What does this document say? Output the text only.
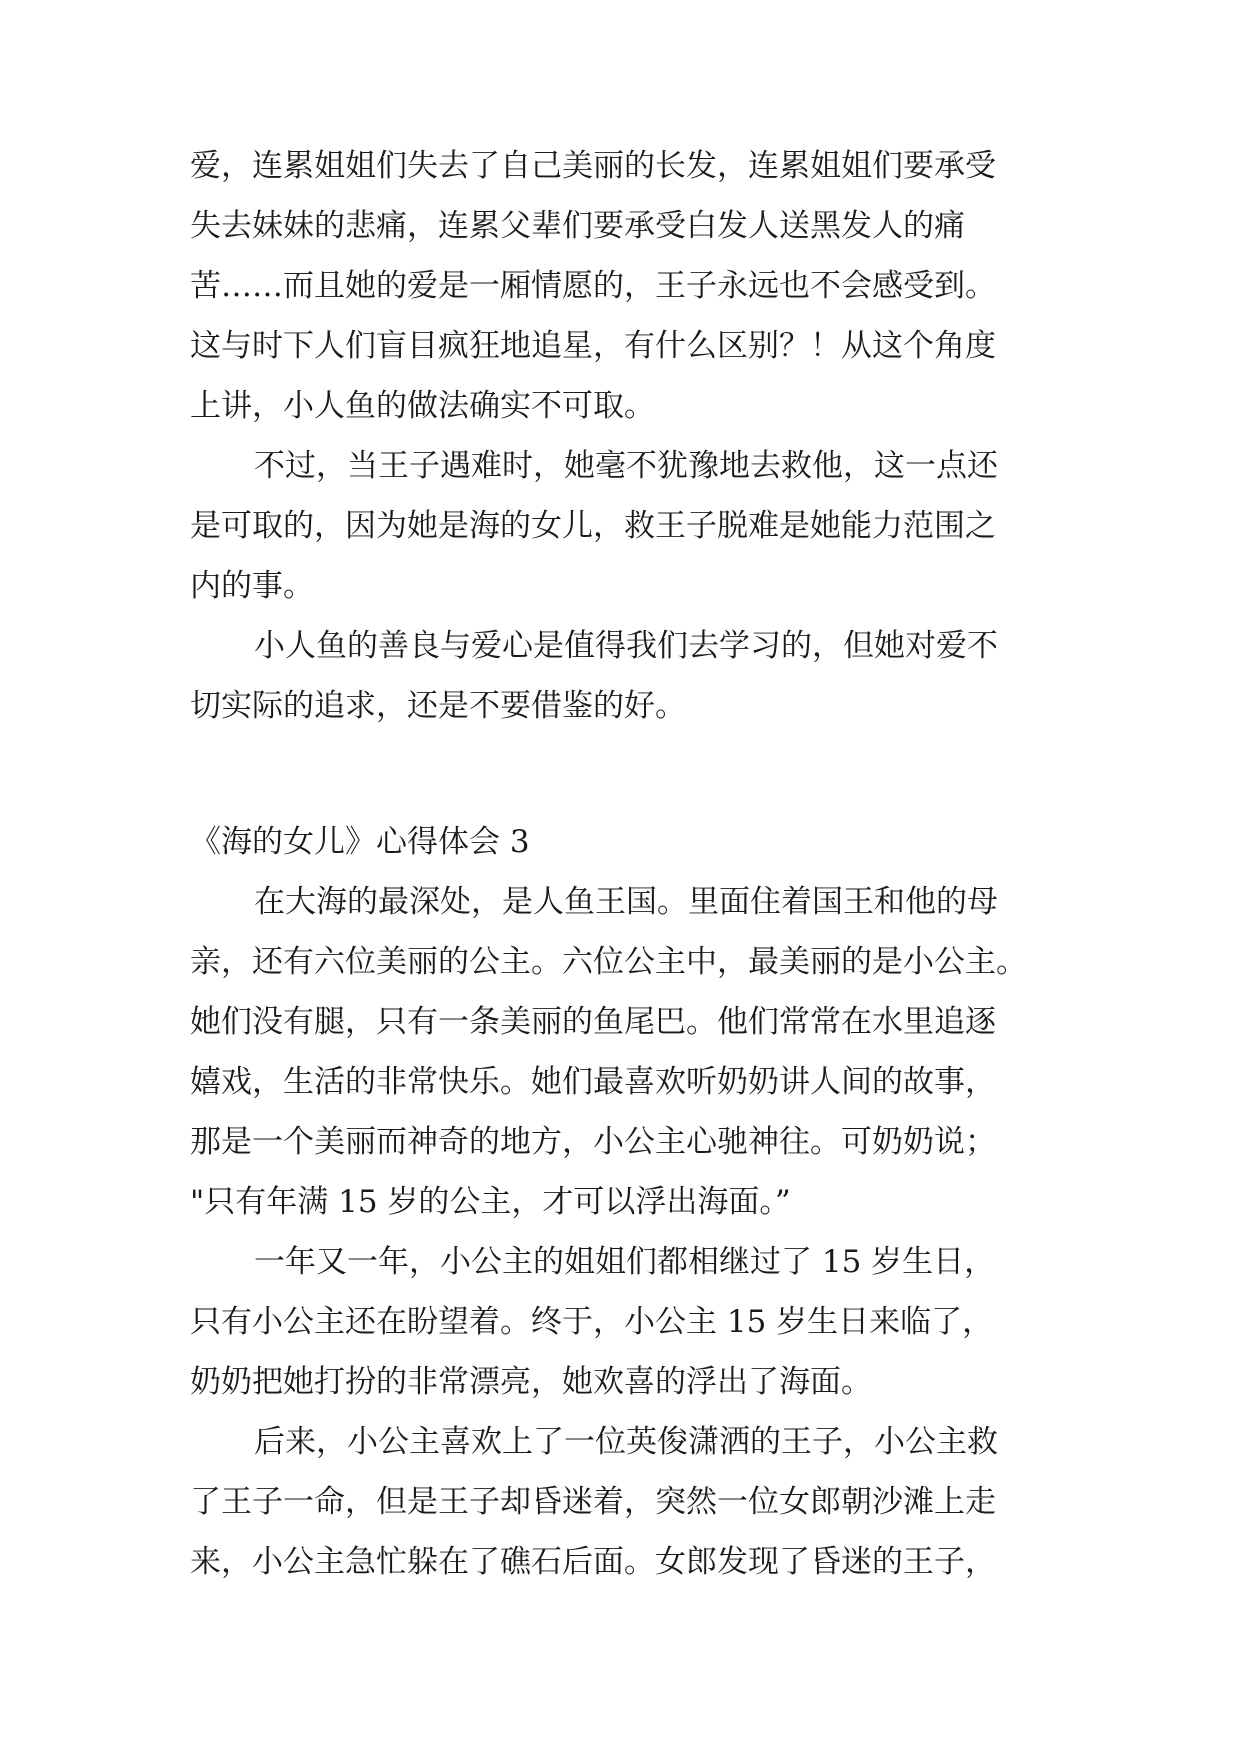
爱，连累姐姐们失去了自己美丽的长发，连累姐姐们要承受
失去妹妹的悲痛，连累父辈们要承受白发人送黑发人的痛
苦……而且她的爱是一厢情愿的，王子永远也不会感受到。
这与时下人们盲目疯狂地追星，有什么区别？！从这个角度
上讲，小人鱼的做法确实不可取。
不过，当王子遇难时，她毫不犹豫地去救他，这一点还
是可取的，因为她是海的女儿，救王子脱难是她能力范围之
内的事。
小人鱼的善良与爱心是值得我们去学习的，但她对爱不
切实际的追求，还是不要借鉴的好。
《海的女儿》心得体会 3
在大海的最深处，是人鱼王国。里面住着国王和他的母
亲，还有六位美丽的公主。六位公主中，最美丽的是小公主。
她们没有腿，只有一条美丽的鱼尾巴。他们常常在水里追逐
嬉戏，生活的非常快乐。她们最喜欢听奶奶讲人间的故事，
那是一个美丽而神奇的地方，小公主心驰神往。可奶奶说；
"只有年满 15 岁的公主，才可以浮出海面。”
一年又一年，小公主的姐姐们都相继过了 15 岁生日，
只有小公主还在盼望着。终于，小公主 15 岁生日来临了，
奶奶把她打扮的非常漂亮，她欢喜的浮出了海面。
后来，小公主喜欢上了一位英俊潇洒的王子，小公主救
了王子一命，但是王子却昏迷着，突然一位女郎朝沙滩上走
来，小公主急忙躲在了礁石后面。女郎发现了昏迷的王子，
